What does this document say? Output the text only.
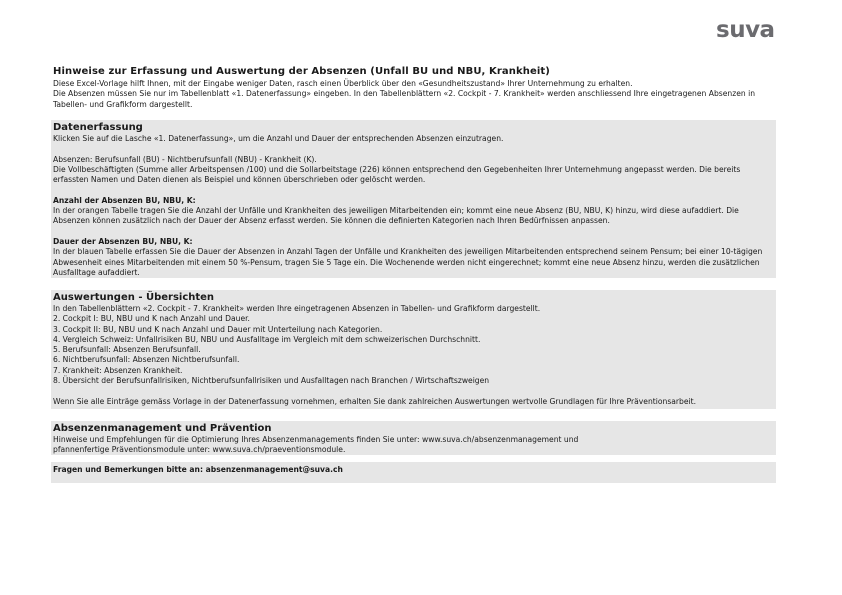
suva
Hinweise zur Erfassung und Auswertung der Absenzen (Unfall BU und NBU, Krankheit)

Diese Excel-Vorlage hilft Ihnen, mit der Eingabe weniger Daten, rasch einen Überblick über den «Gesundheitszustand» Ihrer Unternehmung zu erhalten.

Die Absenzen müssen Sie nur im Tabellenblatt «1. Datenerfassung» eingeben. In den Tabellenblättern «2. Cockpit - 7. Krankheit» werden anschliessend Ihre eingetragenen Absenzen in Tabellen- und Grafikform dargestellt.

Datenerfassung

Klicken Sie auf die Lasche «1. Datenerfassung», um die Anzahl und Dauer der entsprechenden Absenzen einzutragen.

Absenzen: Berufsunfall (BU) - Nichtberufsunfall (NBU) - Krankheit (K).

Die Vollbeschäftigten (Summe aller Arbeitspensen /100) und die Sollarbeitstage (226) können entsprechend den Gegebenheiten Ihrer Unternehmung angepasst werden. Die bereits erfassten Namen und Daten dienen als Beispiel und können überschrieben oder gelöscht werden.

Anzahl der Absenzen BU, NBU, K:

In der orangen Tabelle tragen Sie die Anzahl der Unfälle und Krankheiten des jeweiligen Mitarbeitenden ein; kommt eine neue Absenz (BU, NBU, K) hinzu, wird diese aufaddiert. Die Absenzen können zusätzlich nach der Dauer der Absenz erfasst werden. Sie können die definierten Kategorien nach Ihren Bedürfnissen anpassen.

Dauer der Absenzen BU, NBU, K:

In der blauen Tabelle erfassen Sie die Dauer der Absenzen in Anzahl Tagen der Unfälle und Krankheiten des jeweiligen Mitarbeitenden entsprechend seinem Pensum; bei einer 10-tägigen Abwesenheit eines Mitarbeitenden mit einem 50 %-Pensum, tragen Sie 5 Tage ein. Die Wochenende werden nicht eingerechnet; kommt eine neue Absenz hinzu, werden die zusätzlichen Ausfalltage aufaddiert.

Auswertungen - Übersichten

In den Tabellenblättern «2. Cockpit - 7. Krankheit» werden Ihre eingetragenen Absenzen in Tabellen- und Grafikform dargestellt.

2. Cockpit I: BU, NBU und K nach Anzahl und Dauer.
3. Cockpit II: BU, NBU und K nach Anzahl und Dauer mit Unterteilung nach Kategorien.
4. Vergleich Schweiz: Unfallrisiken BU, NBU und Ausfalltage im Vergleich mit dem schweizerischen Durchschnitt.
5. Berufsunfall: Absenzen Berufsunfall.
6. Nichtberufsunfall: Absenzen Nichtberufsunfall.
7. Krankheit: Absenzen Krankheit.
8. Übersicht der Berufsunfallrisiken, Nichtberufsunfallrisiken und Ausfalltagen nach Branchen / Wirtschaftszweigen

Wenn Sie alle Einträge gemäss Vorlage in der Datenerfassung vornehmen, erhalten Sie dank zahlreichen Auswertungen wertvolle Grundlagen für Ihre Präventionsarbeit.

Absenzenmanagement und Prävention

Hinweise und Empfehlungen für die Optimierung Ihres Absenzenmanagements finden Sie unter: www.suva.ch/absenzenmanagement und

pfannenfertige Präventionsmodule unter: www.suva.ch/praeventionsmodule.

Fragen und Bemerkungen bitte an: absenzenmanagement@suva.ch
